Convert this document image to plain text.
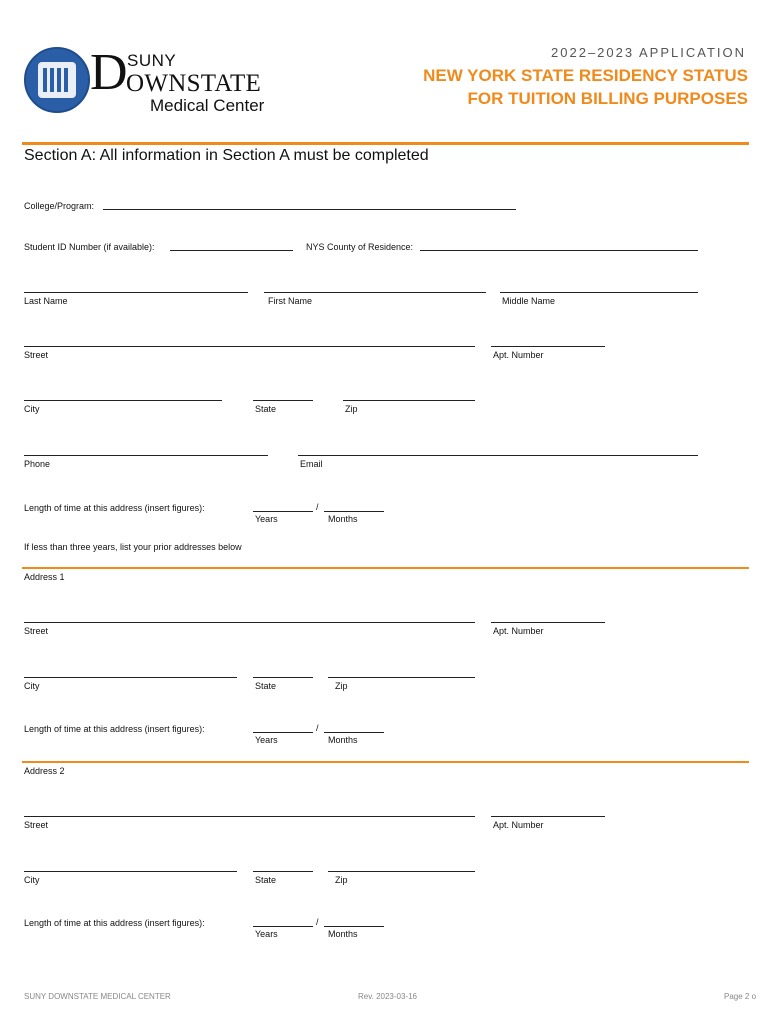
D SUNY
OWNSTATE
Medical Center
2022–2023 APPLICATION
NEW YORK STATE RESIDENCY STATUS
FOR TUITION BILLING PURPOSES
Section A: All information in Section A must be completed
College/Program:
Student ID Number (if available):	NYS County of Residence:
Last Name	First Name	Middle Name
Street	Apt. Number
City	State	Zip
Phone	Email
Length of time at this address (insert figures):	/
Years	Months
If less than three years, list your prior addresses below
Address 1
Street	Apt. Number
City	State	Zip
Length of time at this address (insert figures):	/
Years	Months
Address 2
Street	Apt. Number
City	State	Zip
Length of time at this address (insert figures):	/
Years	Months
SUNY DOWNSTATE MEDICAL CENTER	Rev. 2023-03-16	Page 2 o
